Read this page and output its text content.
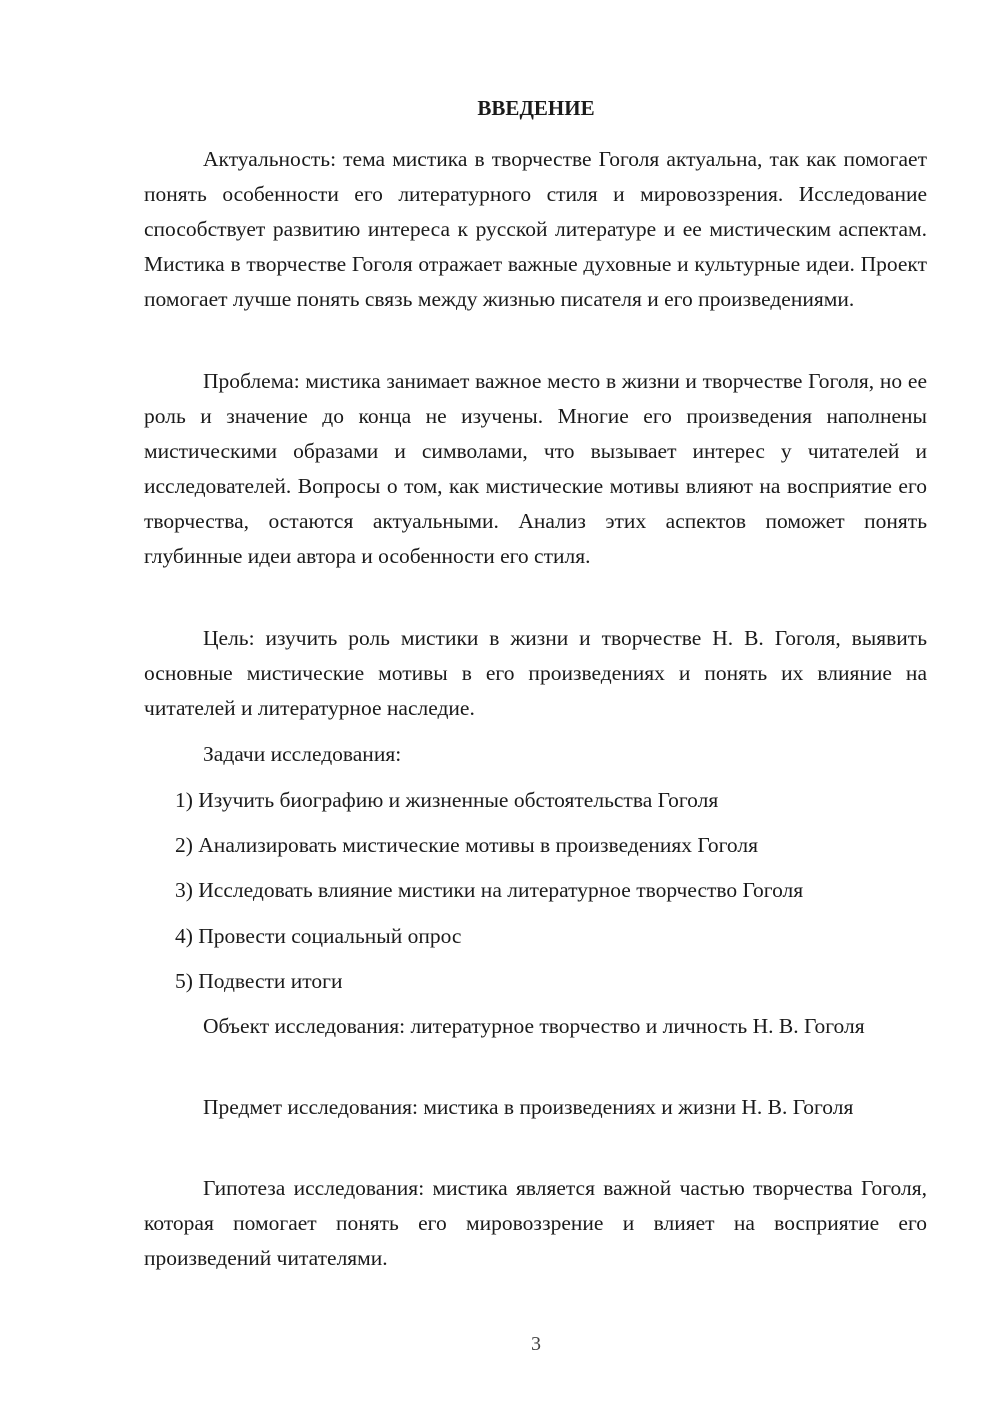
ВВЕДЕНИЕ

Актуальность: тема мистика в творчестве Гоголя актуальна, так как помогает понять особенности его литературного стиля и мировоззрения. Исследование способствует развитию интереса к русской литературе и ее мистическим аспектам. Мистика в творчестве Гоголя отражает важные духовные и культурные идеи. Проект помогает лучше понять связь между жизнью писателя и его произведениями.

Проблема: мистика занимает важное место в жизни и творчестве Гоголя, но ее роль и значение до конца не изучены. Многие его произведения наполнены мистическими образами и символами, что вызывает интерес у читателей и исследователей. Вопросы о том, как мистические мотивы влияют на восприятие его творчества, остаются актуальными. Анализ этих аспектов поможет понять глубинные идеи автора и особенности его стиля.

Цель: изучить роль мистики в жизни и творчестве Н. В. Гоголя, выявить основные мистические мотивы в его произведениях и понять их влияние на читателей и литературное наследие.

Задачи исследования:

1) Изучить биографию и жизненные обстоятельства Гоголя

2) Анализировать мистические мотивы в произведениях Гоголя

3) Исследовать влияние мистики на литературное творчество Гоголя

4) Провести социальный опрос

5) Подвести итоги

Объект исследования: литературное творчество и личность Н. В. Гоголя

Предмет исследования: мистика в произведениях и жизни Н. В. Гоголя

Гипотеза исследования: мистика является важной частью творчества Гоголя, которая помогает понять его мировоззрение и влияет на восприятие его произведений читателями.

3
